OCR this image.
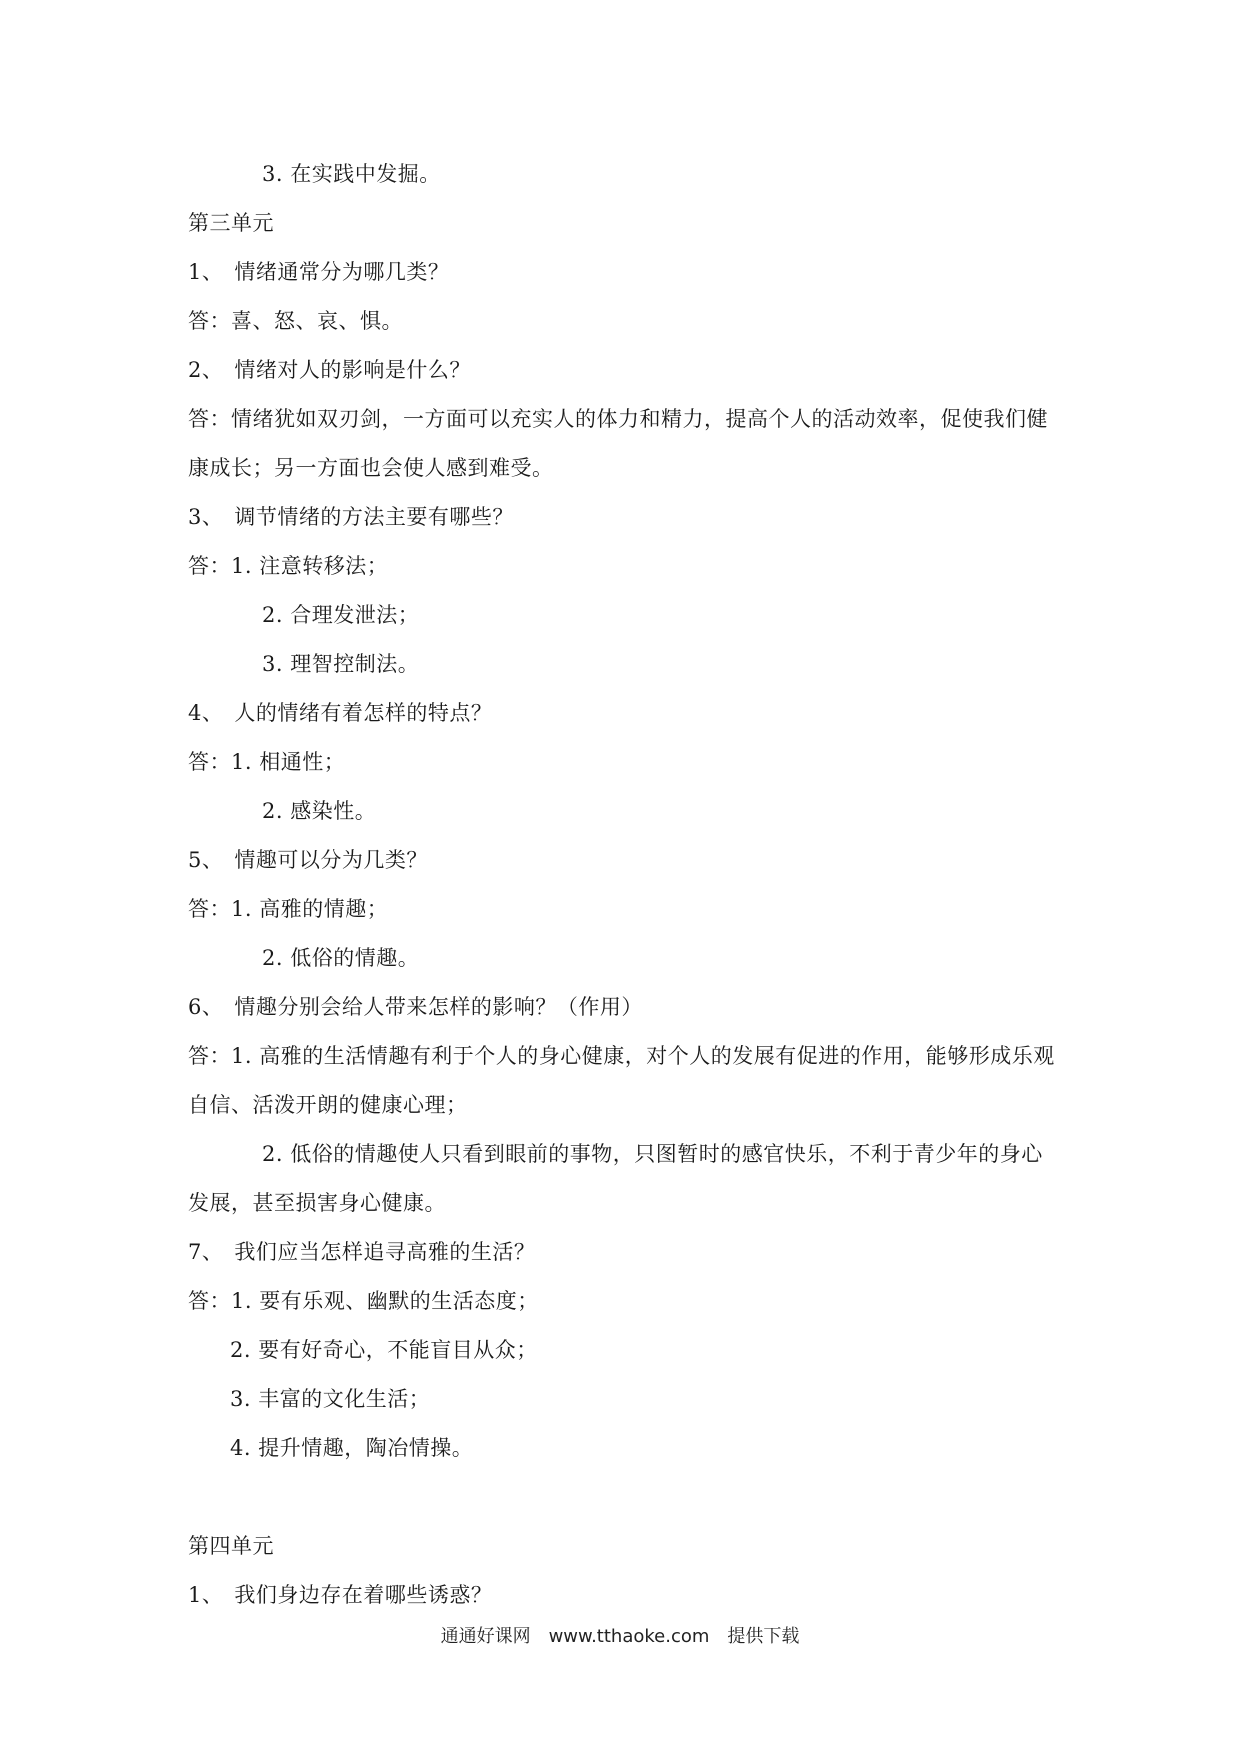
3. 在实践中发掘。
第三单元
1、　情绪通常分为哪几类？
答：喜、怒、哀、惧。
2、　情绪对人的影响是什么？
答：情绪犹如双刃剑，一方面可以充实人的体力和精力，提高个人的活动效率，促使我们健
康成长；另一方面也会使人感到难受。
3、　调节情绪的方法主要有哪些？
答：1. 注意转移法；
2. 合理发泄法；
3. 理智控制法。
4、　人的情绪有着怎样的特点？
答：1. 相通性；
2. 感染性。
5、　情趣可以分为几类？
答：1. 高雅的情趣；
2. 低俗的情趣。
6、　情趣分别会给人带来怎样的影响？（作用）
答：1. 高雅的生活情趣有利于个人的身心健康，对个人的发展有促进的作用，能够形成乐观
自信、活泼开朗的健康心理；
2. 低俗的情趣使人只看到眼前的事物，只图暂时的感官快乐，不利于青少年的身心
发展，甚至损害身心健康。
7、　我们应当怎样追寻高雅的生活？
答：1. 要有乐观、幽默的生活态度；
2. 要有好奇心，不能盲目从众；
3. 丰富的文化生活；
4. 提升情趣，陶冶情操。
第四单元
1、　我们身边存在着哪些诱惑？
通通好课网　www.tthaoke.com　提供下载
